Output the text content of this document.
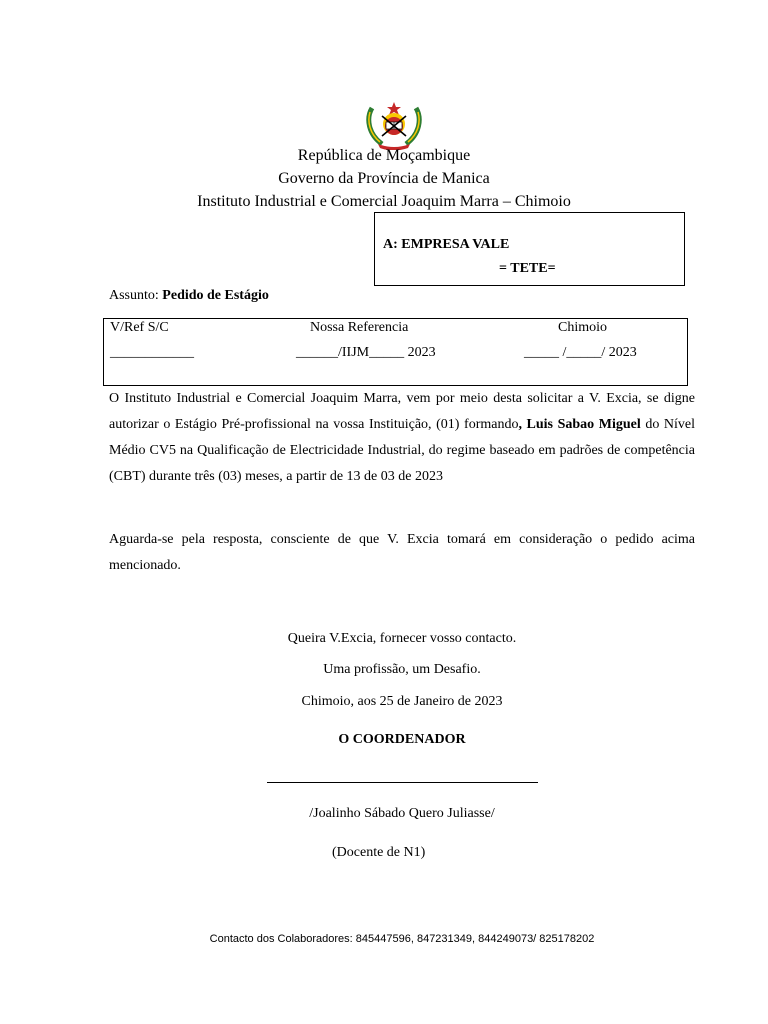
República de Moçambique
Governo da Província de Manica
Instituto Industrial e Comercial Joaquim Marra – Chimoio
A: EMPRESA VALE
= TETE=
Assunto: Pedido de Estágio
V/Ref S/C	Nossa Referencia	Chimoio
____________	______/IIJM_____ 2023	_____ /_____/ 2023
O Instituto Industrial e Comercial Joaquim Marra, vem por meio desta solicitar a V. Excia, se digne autorizar o Estágio Pré-profissional na vossa Instituição, (01) formando, Luis Sabao Miguel do Nível Médio CV5 na Qualificação de Electricidade Industrial, do regime baseado em padrões de competência (CBT) durante três (03) meses, a partir de 13 de 03 de 2023
Aguarda-se pela resposta, consciente de que V. Excia tomará em consideração o pedido acima mencionado.
Queira V.Excia, fornecer vosso contacto.
Uma profissão, um Desafio.
Chimoio, aos 25 de Janeiro de 2023
O COORDENADOR
/Joalinho Sábado Quero Juliasse/
(Docente de N1)
Contacto dos Colaboradores: 845447596, 847231349, 844249073/ 825178202
